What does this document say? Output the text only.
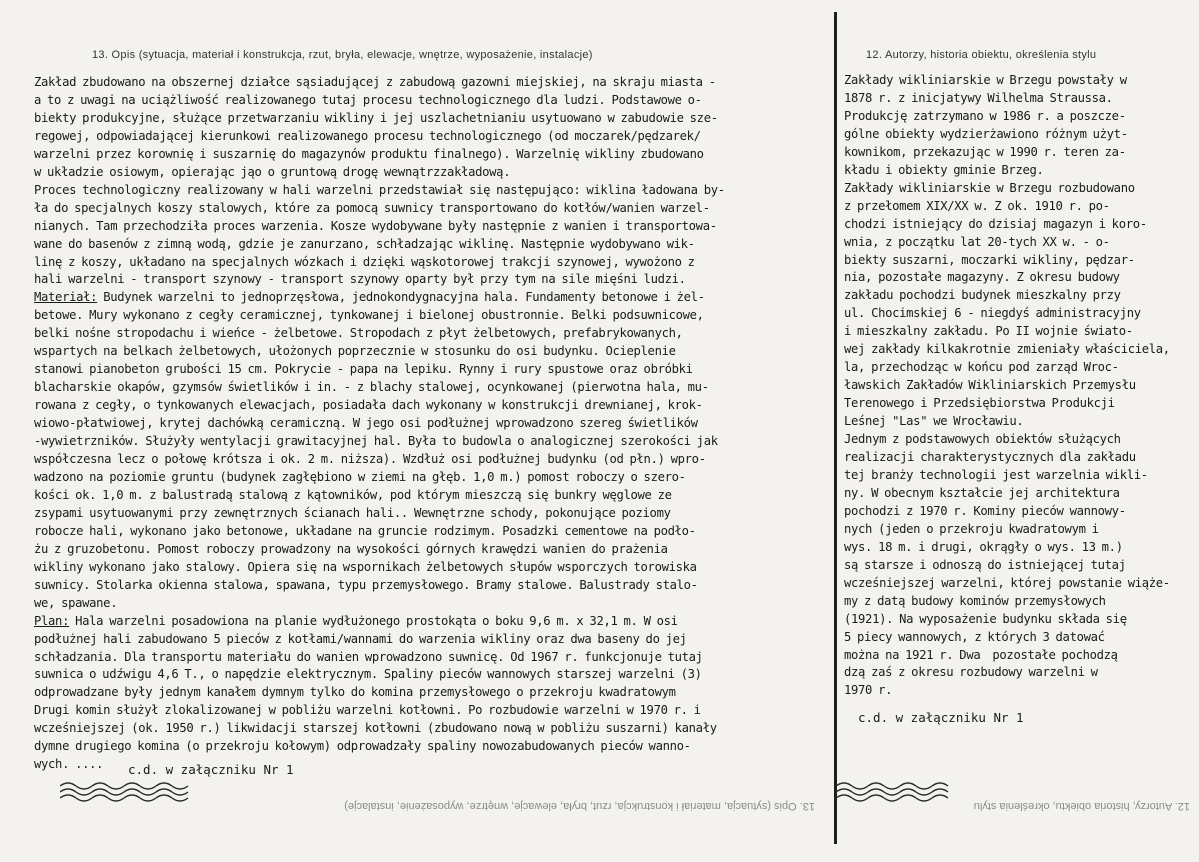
13. Opis (sytuacja, materiał i konstrukcja, rzut, bryła, elewacje, wnętrze, wyposażenie, instalacje)	12. Autorzy, historia obiektu, określenia stylu
Zakład zbudowano na obszernej działce sąsiadującej z zabudową gazowni miejskiej, na skraju miasta -
a to z uwagi na uciążliwość realizowanego tutaj procesu technologicznego dla ludzi. Podstawowe o-
biekty produkcyjne, służące przetwarzaniu wikliny i jej uszlachetnianiu usytuowano w zabudowie sze-
regowej, odpowiadającej kierunkowi realizowanego procesu technologicznego (od moczarek/pędzarek/
warzelni przez korownię i suszarnię do magazynów produktu finalnego). Warzelnię wikliny zbudowano
w układzie osiowym, opierając jąo o gruntową drogę wewnątrzzakładową.
Proces technologiczny realizowany w hali warzelni przedstawiał się następująco: wiklina ładowana by-
ła do specjalnych koszy stalowych, które za pomocą suwnicy transportowano do kotłów/wanien warzel-
nianych. Tam przechodziła proces warzenia. Kosze wydobywane były następnie z wanien i transportowa-
wane do basenów z zimną wodą, gdzie je zanurzano, schładzając wiklinę. Następnie wydobywano wik-
linę z koszy, układano na specjalnych wózkach i dzięki wąskotorowej trakcji szynowej, wywożono z
hali warzelni - transport szynowy - transport szynowy oparty był przy tym na sile mięśni ludzi.
Materiał: Budynek warzelni to jednoprzęsłowa, jednokondygnacyjna hala. Fundamenty betonowe i żel-
betowe. Mury wykonano z cegły ceramicznej, tynkowanej i bielonej obustronnie. Belki podsuwnicowe,
belki nośne stropodachu i wieńce - żelbetowe. Stropodach z płyt żelbetowych, prefabrykowanych,
wspartych na belkach żelbetowych, ułożonych poprzecznie w stosunku do osi budynku. Ocieplenie
stanowi pianobeton grubości 15 cm. Pokrycie - papa na lepiku. Rynny i rury spustowe oraz obróbki
blacharskie okapów, gzymsów świetlików i in. - z blachy stalowej, ocynkowanej (pierwotna hala, mu-
rowana z cegły, o tynkowanych elewacjach, posiadała dach wykonany w konstrukcji drewnianej, krok-
wiowo-płatwiowej, krytej dachówką ceramiczną. W jego osi podłużnej wprowadzono szereg świetlików
-wywietrzników. Służyły wentylacji grawitacyjnej hal. Była to budowla o analogicznej szerokości jak
współczesna lecz o połowę krótsza i ok. 2 m. niższa). Wzdłuż osi podłużnej budynku (od płn.) wpro-
wadzono na poziomie gruntu (budynek zagłębiono w ziemi na głęb. 1,0 m.) pomost roboczy o szero-
kości ok. 1,0 m. z balustradą stalową z kątowników, pod którym mieszczą się bunkry węglowe ze
zsypami usytuowanymi przy zewnętrznych ścianach hali.. Wewnętrzne schody, pokonujące poziomy
robocze hali, wykonano jako betonowe, układane na gruncie rodzimym. Posadzki cementowe na podło-
żu z gruzobetonu. Pomost roboczy prowadzony na wysokości górnych krawędzi wanien do prażenia
wikliny wykonano jako stalowy. Opiera się na wspornikach żelbetowych słupów wsporczych torowiska
suwnicy. Stolarka okienna stalowa, spawana, typu przemysłowego. Bramy stalowe. Balustrady stalo-
we, spawane.
Plan: Hala warzelni posadowiona na planie wydłużonego prostokąta o boku 9,6 m. x 32,1 m. W osi
podłużnej hali zabudowano 5 pieców z kotłami/wannami do warzenia wikliny oraz dwa baseny do jej
schładzania. Dla transportu materiału do wanien wprowadzono suwnicę. Od 1967 r. funkcjonuje tutaj
suwnica o udźwigu 4,6 T., o napędzie elektrycznym. Spaliny pieców wannowych starszej warzelni (3)
odprowadzane były jednym kanałem dymnym tylko do komina przemysłowego o przekroju kwadratowym
Drugi komin służył zlokalizowanej w pobliżu warzelni kotłowni. Po rozbudowie warzelni w 1970 r. i
wcześniejszej (ok. 1950 r.) likwidacji starszej kotłowni (zbudowano nową w pobliżu suszarni) kanały
dymne drugiego komina (o przekroju kołowym) odprowadzały spaliny nowozabudowanych pieców wanno-
wych. ....
Zakłady wikliniarskie w Brzegu powstały w
1878 r. z inicjatywy Wilhelma Straussa.
Produkcję zatrzymano w 1986 r. a poszcze-
gólne obiekty wydzierżawiono różnym użyt-
kownikom, przekazując w 1990 r. teren za-
kładu i obiekty gminie Brzeg.
Zakłady wikliniarskie w Brzegu rozbudowano
z przełomem XIX/XX w. Z ok. 1910 r. po-
chodzi istniejący do dzisiaj magazyn i koro-
wnia, z początku lat 20-tych XX w. - o-
biekty suszarni, moczarki wikliny, pędzar-
nia, pozostałe magazyny. Z okresu budowy
zakładu pochodzi budynek mieszkalny przy
ul. Chocimskiej 6 - niegdyś administracyjny
i mieszkalny zakładu. Po II wojnie świato-
wej zakłady kilkakrotnie zmieniały właściciela,
la, przechodząc w końcu pod zarząd Wroc-
ławskich Zakładów Wikliniarskich Przemysłu
Terenowego i Przedsiębiorstwa Produkcji
Leśnej "Las" we Wrocławiu.
Jednym z podstawowych obiektów służących
realizacji charakterystycznych dla zakładu
tej branży technologii jest warzelnia wikli-
ny. W obecnym kształcie jej architektura
pochodzi z 1970 r. Kominy pieców wannowy-
nych (jeden o przekroju kwadratowym i
wys. 18 m. i drugi, okrągły o wys. 13 m.)
są starsze i odnoszą do istniejącej tutaj
wcześniejszej warzelni, której powstanie wiąże-
my z datą budowy kominów przemysłowych
(1921). Na wyposażenie budynku składa się
5 piecy wannowych, z których 3 datować
można na 1921 r. Dwa  pozostałe pochodzą
dzą zaś z okresu rozbudowy warzelni w
1970 r.
c.d. w załączniku Nr 1
c.d. w załączniku Nr 1
13. Opis (sytuacja, materiał i konstrukcja, rzut, bryła, elewacje, wnętrze, wyposażenie, instalacje)	12. Autorzy, historia obiektu, określenia stylu
